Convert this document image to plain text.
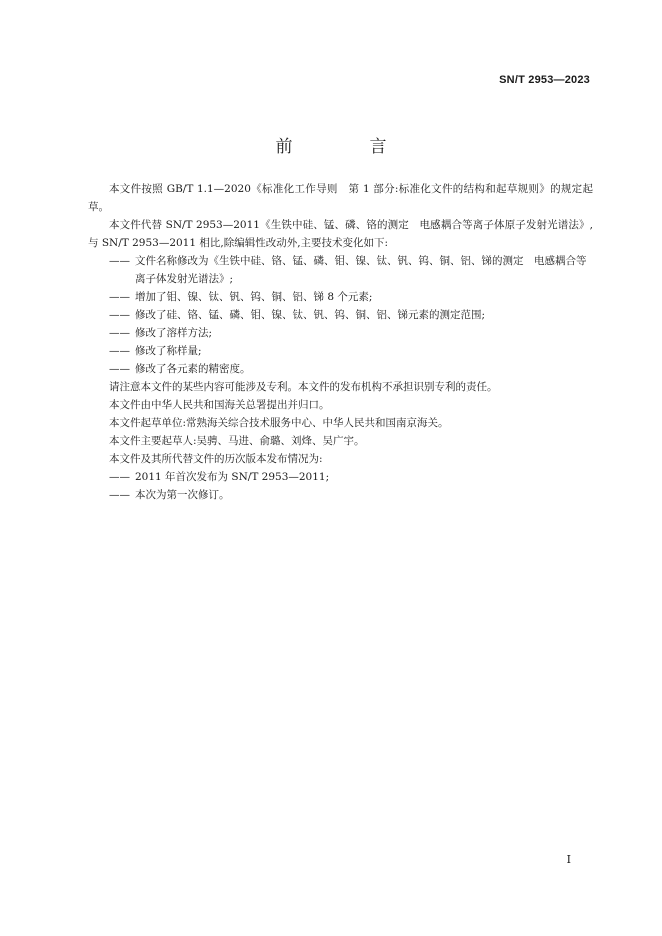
SN/T 2953—2023
前　言

本文件按照 GB/T 1.1—2020《标准化工作导则　第 1 部分:标准化文件的结构和起草规则》的规定起草。

本文件代替 SN/T 2953—2011《生铁中硅、锰、磷、铬的测定　电感耦合等离子体原子发射光谱法》,与 SN/T 2953—2011 相比,除编辑性改动外,主要技术变化如下:

—— 文件名称修改为《生铁中硅、铬、锰、磷、钼、镍、钛、钒、钨、铜、铝、锑的测定　电感耦合等离子体发射光谱法》;

—— 增加了钼、镍、钛、钒、钨、铜、铝、锑 8 个元素;

—— 修改了硅、铬、锰、磷、钼、镍、钛、钒、钨、铜、铝、锑元素的测定范围;

—— 修改了溶样方法;

—— 修改了称样量;

—— 修改了各元素的精密度。

请注意本文件的某些内容可能涉及专利。本文件的发布机构不承担识别专利的责任。

本文件由中华人民共和国海关总署提出并归口。

本文件起草单位:常熟海关综合技术服务中心、中华人民共和国南京海关。

本文件主要起草人:吴骋、马进、俞璐、刘烽、吴广宇。

本文件及其所代替文件的历次版本发布情况为:

—— 2011 年首次发布为 SN/T 2953—2011;

—— 本次为第一次修订。

I
